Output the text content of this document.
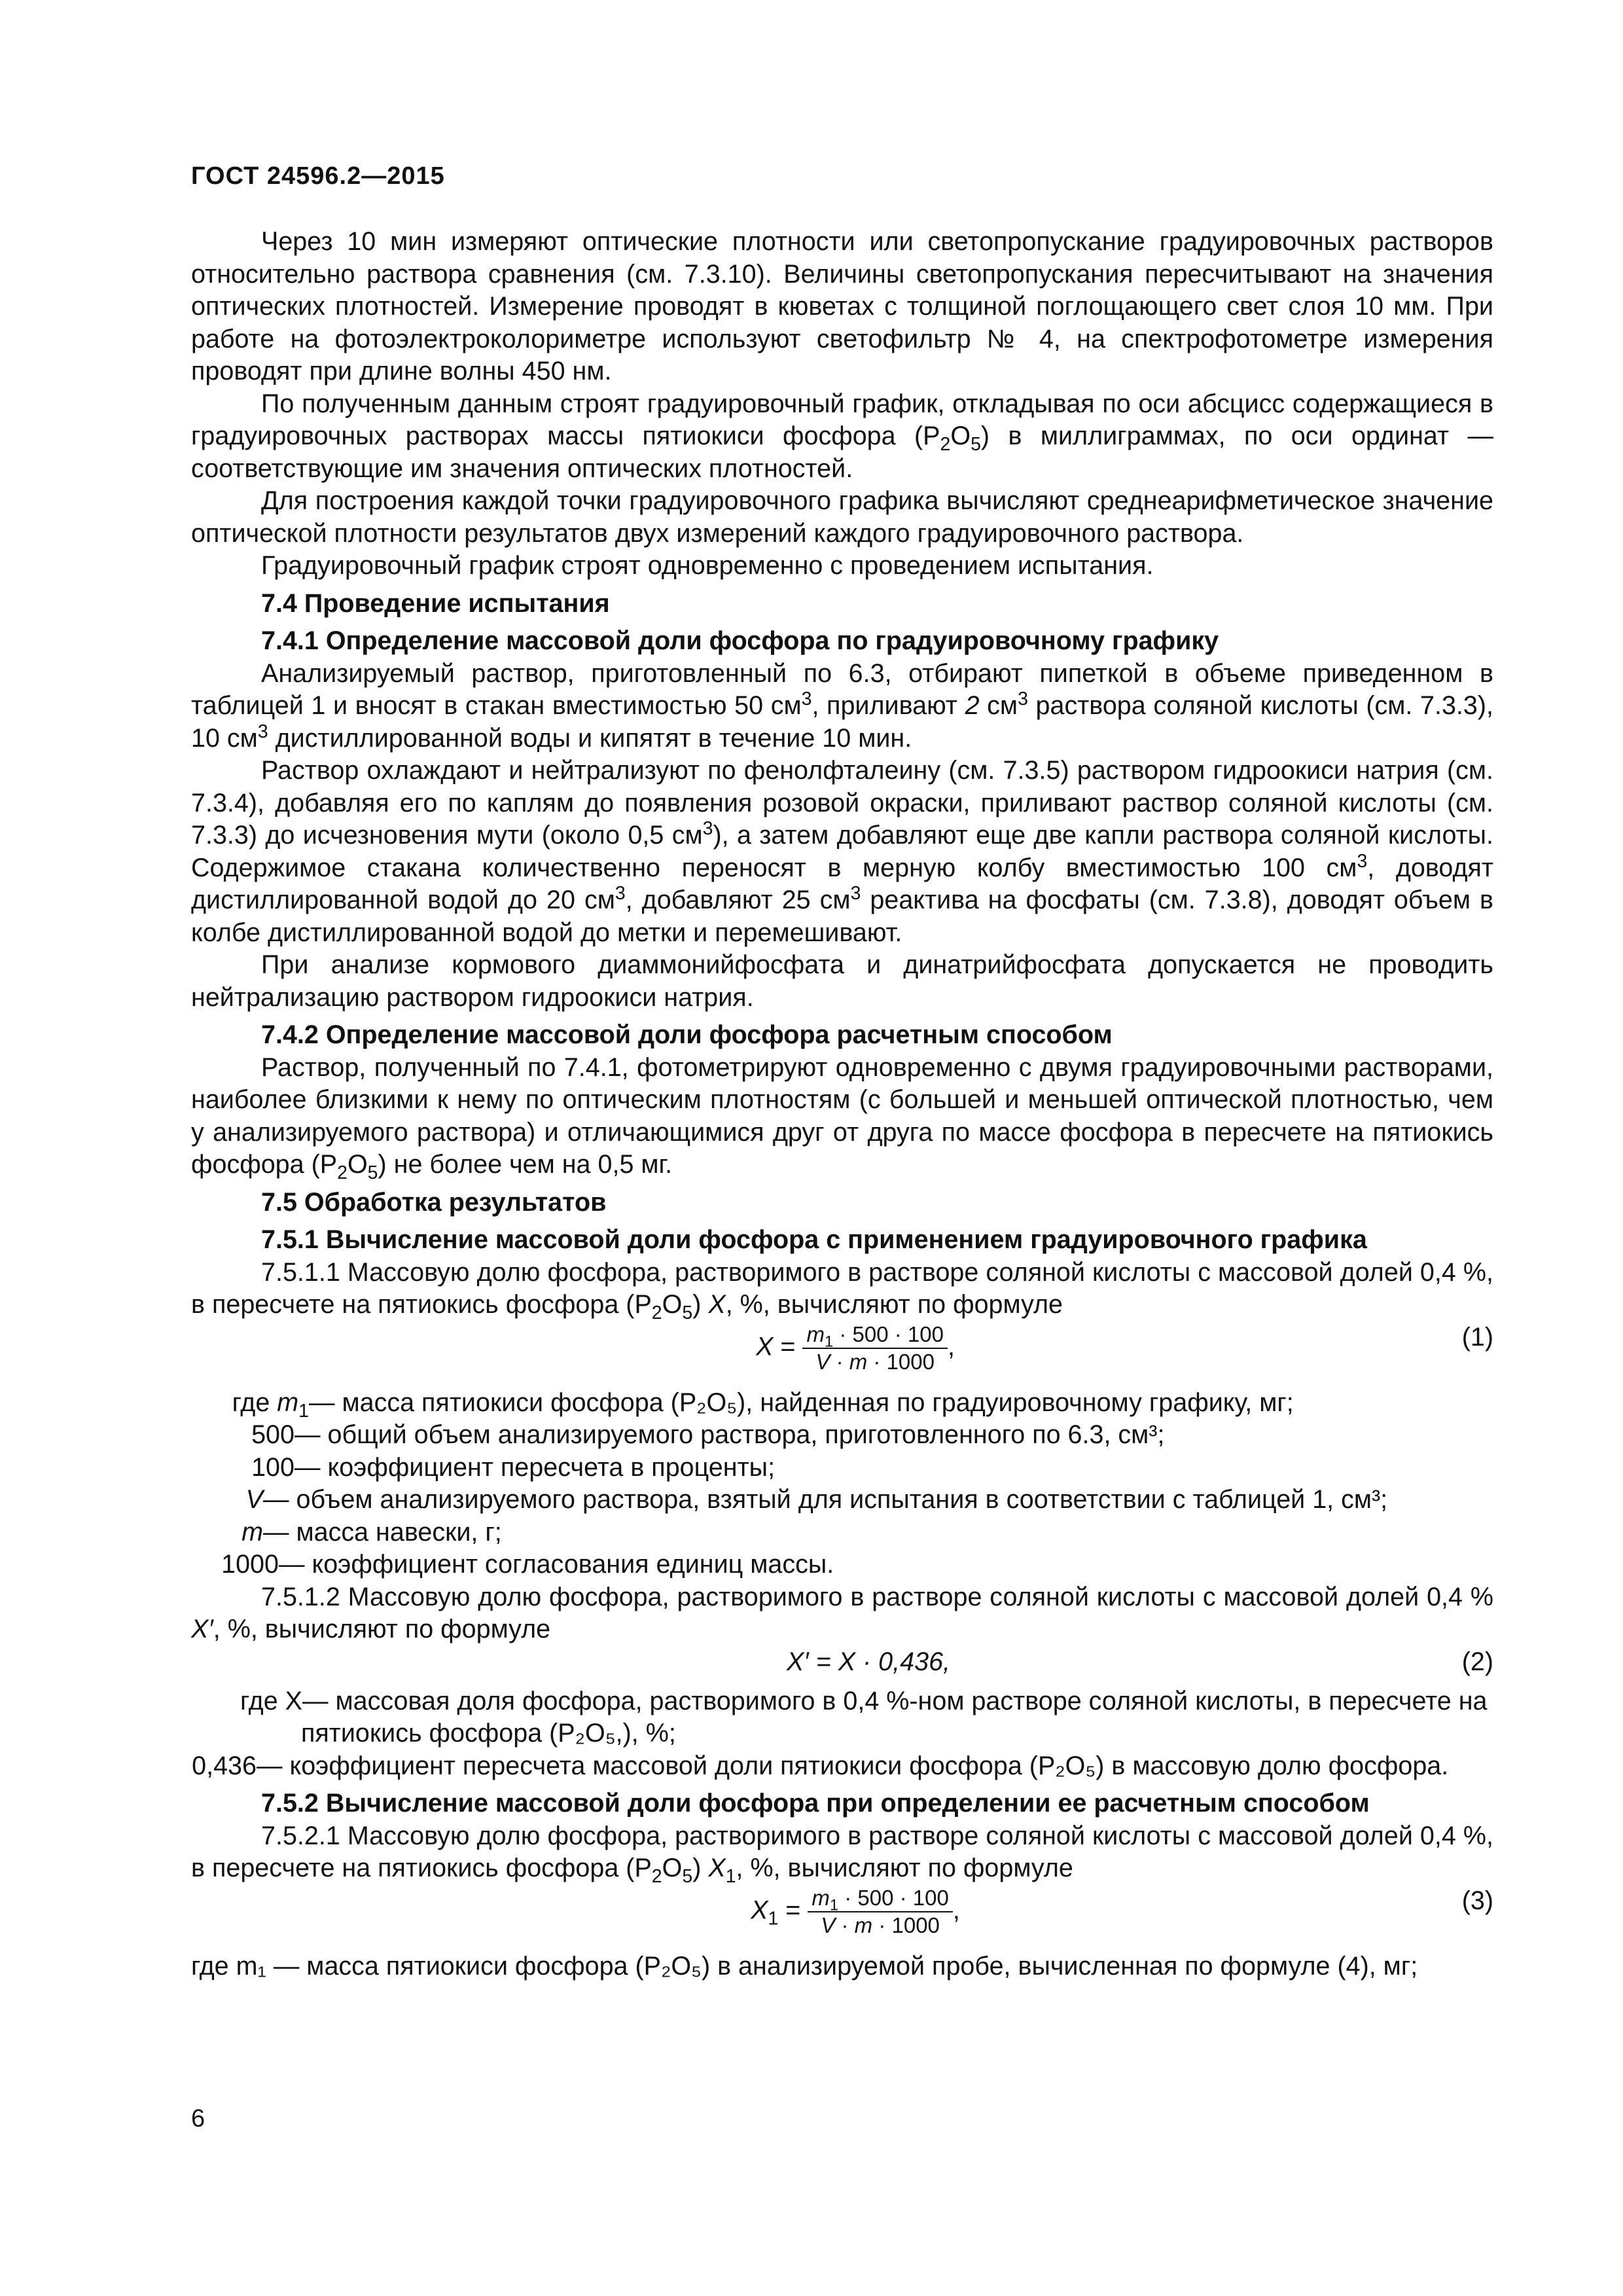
ГОСТ 24596.2—2015

Через 10 мин измеряют оптические плотности или светопропускание градуировочных растворов относительно раствора сравнения (см. 7.3.10). Величины светопропускания пересчитывают на значения оптических плотностей. Измерение проводят в кюветах с толщиной поглощающего свет слоя 10 мм. При работе на фотоэлектроколориметре используют светофильтр № 4, на спектрофотометре измерения проводят при длине волны 450 нм.

По полученным данным строят градуировочный график, откладывая по оси абсцисс содержащиеся в градуировочных растворах массы пятиокиси фосфора $(P_2O_5)$ в миллиграммах, по оси ординат — соответствующие им значения оптических плотностей.

Для построения каждой точки градуировочного графика вычисляют среднеарифметическое значение оптической плотности результатов двух измерений каждого градуировочного раствора.

Градуировочный график строят одновременно с проведением испытания.

7.4 Проведение испытания
7.4.1 Определение массовой доли фосфора по градуировочному графику

Анализируемый раствор, приготовленный по 6.3, отбирают пипеткой в объеме приведенном в таблицей 1 и вносят в стакан вместимостью 50 $см^3$, приливают 2 $см^3$ раствора соляной кислоты (см. 7.3.3), 10 $см^3$ дистиллированной воды и кипятят в течение 10 мин.

Раствор охлаждают и нейтрализуют по фенолфталеину (см. 7.3.5) раствором гидроокиси натрия (см. 7.3.4), добавляя его по каплям до появления розовой окраски, приливают раствор соляной кислоты (см. 7.3.3) до исчезновения мути (около 0,5 $см^3$), а затем добавляют еще две капли раствора соляной кислоты. Содержимое стакана количественно переносят в мерную колбу вместимостью 100 $см^3$, доводят дистиллированной водой до 20 $см^3$, добавляют 25 $см^3$ реактива на фосфаты (см. 7.3.8), доводят объем в колбе дистиллированной водой до метки и перемешивают.

При анализе кормового диаммонийфосфата и динатрийфосфата допускается не проводить нейтрализацию раствором гидроокиси натрия.

7.4.2 Определение массовой доли фосфора расчетным способом

Раствор, полученный по 7.4.1, фотометрируют одновременно с двумя градуировочными растворами, наиболее близкими к нему по оптическим плотностям (с большей и меньшей оптической плотностью, чем у анализируемого раствора) и отличающимися друг от друга по массе фосфора в пересчете на пятиокись фосфора $(P_2O_5)$ не более чем на 0,5 мг.

7.5 Обработка результатов
7.5.1 Вычисление массовой доли фосфора с применением градуировочного графика

7.5.1.1 Массовую долю фосфора, растворимого в растворе соляной кислоты с массовой долей 0,4 %, в пересчете на пятиокись фосфора $(P_2O_5)$ X, %, вычисляют по формуле

$X = \frac{m_1 \cdot 500 \cdot 100}{V \cdot m \cdot 1000}$ ,	(1)
где $m_1$ — масса пятиокиси фосфора (P₂O₅), найденная по градуировочному графику, мг;
500 — общий объем анализируемого раствора, приготовленного по 6.3, см³;
100 — коэффициент пересчета в проценты;
V — объем анализируемого раствора, взятый для испытания в соответствии с таблицей 1, см³;
m — масса навески, г;
1000 — коэффициент согласования единиц массы.

7.5.1.2 Массовую долю фосфора, растворимого в растворе соляной кислоты с массовой долей 0,4 % X′, %, вычисляют по формуле

X′ = X · 0,436,	(2)
где X — массовая доля фосфора, растворимого в 0,4 %-ном растворе соляной кислоты, в пересчете на
пятиокись фосфора (P₂O₅,), %;
0,436 — коэффициент пересчета массовой доли пятиокиси фосфора (P₂O₅) в массовую долю фосфора.
7.5.2 Вычисление массовой доли фосфора при определении ее расчетным способом

7.5.2.1 Массовую долю фосфора, растворимого в растворе соляной кислоты с массовой долей 0,4 %, в пересчете на пятиокись фосфора $(P_2O_5)$ $X_1$, %, вычисляют по формуле

$X_1 = \frac{m_1 \cdot 500 \cdot 100}{V \cdot m \cdot 1000}$ ,	(3)

где m₁ — масса пятиокиси фосфора (P₂O₅) в анализируемой пробе, вычисленная по формуле (4), мг;

6
